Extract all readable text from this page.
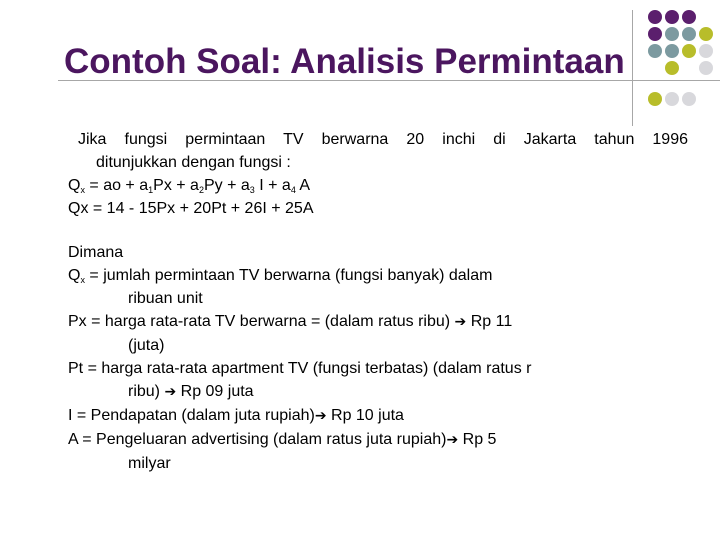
Contoh Soal: Analisis Permintaan

Jika fungsi permintaan TV berwarna 20 inchi di Jakarta tahun 1996

ditunjukkan dengan fungsi :

$Q_x$ = ao + $a_1Px + a_2Py + a_3$ $I + a_4$ A

Qx = 14 - 15Px + 20Pt + 26I + 25A

Dimana

$Q_x$ = jumlah permintaan TV berwarna (fungsi banyak) dalam

ribuan unit

Px = harga rata-rata TV berwarna = (dalam ratus ribu) ➔ Rp 11

(juta)

Pt = harga rata-rata apartment TV (fungsi terbatas) (dalam ratus r

ribu) ➔ Rp 09 juta

I = Pendapatan (dalam juta rupiah)➔ Rp 10 juta

A = Pengeluaran advertising (dalam ratus juta rupiah)➔ Rp 5

milyar
